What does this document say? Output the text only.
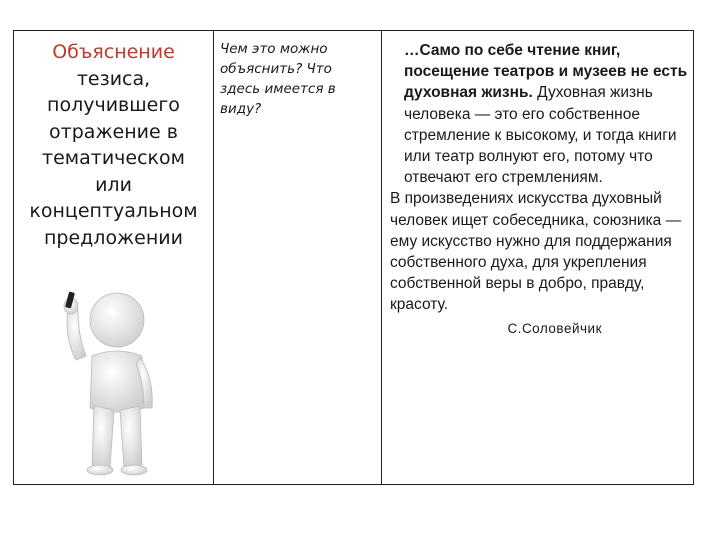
Объяснение
тезиса,
получившего
отражение в
тематическом
или
концептуальном
предложении
Чем это можно объяснить? Что здесь имеется в виду?

…Само по себе чтение книг, посещение театров и музеев не есть духовная жизнь. Духовная жизнь человека — это его собственное стремление к высокому, и тогда книги или театр волнуют его, потому что отвечают его стремлениям.

В произведениях искусства духовный человек ищет собеседника, союзника — ему искусство нужно для поддержания собственного духа, для укрепления собственной веры в добро, правду, красоту.

С.Соловейчик
